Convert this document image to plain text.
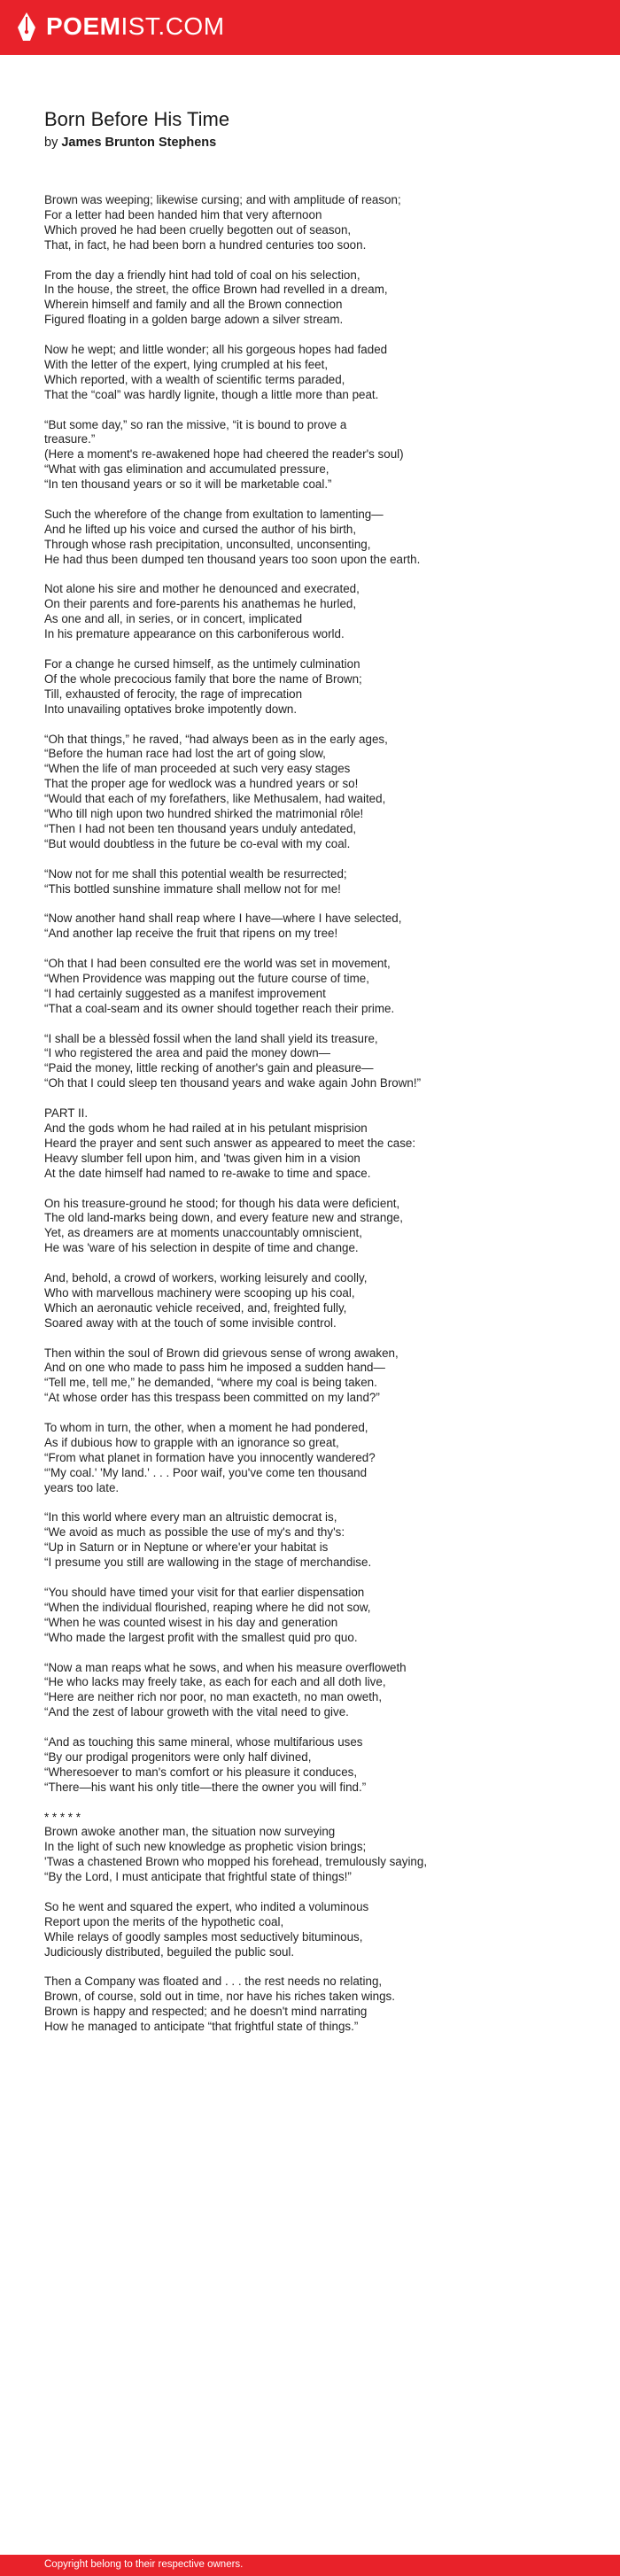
POEMIST.COM
Born Before His Time
by James Brunton Stephens
Brown was weeping; likewise cursing; and with amplitude of reason;
For a letter had been handed him that very afternoon
Which proved he had been cruelly begotten out of season,
That, in fact, he had been born a hundred centuries too soon.
From the day a friendly hint had told of coal on his selection,
In the house, the street, the office Brown had revelled in a dream,
Wherein himself and family and all the Brown connection
Figured floating in a golden barge adown a silver stream.
Now he wept; and little wonder; all his gorgeous hopes had faded
With the letter of the expert, lying crumpled at his feet,
Which reported, with a wealth of scientific terms paraded,
That the “coal” was hardly lignite, though a little more than peat.
“But some day,” so ran the missive, “it is bound to prove a
treasure.”
(Here a moment's re-awakened hope had cheered the reader's soul)
“What with gas elimination and accumulated pressure,
“In ten thousand years or so it will be marketable coal.”
Such the wherefore of the change from exultation to lamenting—
And he lifted up his voice and cursed the author of his birth,
Through whose rash precipitation, unconsulted, unconsenting,
He had thus been dumped ten thousand years too soon upon the earth.
Not alone his sire and mother he denounced and execrated,
On their parents and fore-parents his anathemas he hurled,
As one and all, in series, or in concert, implicated
In his premature appearance on this carboniferous world.
For a change he cursed himself, as the untimely culmination
Of the whole precocious family that bore the name of Brown;
Till, exhausted of ferocity, the rage of imprecation
Into unavailing optatives broke impotently down.
“Oh that things,” he raved, “had always been as in the early ages,
“Before the human race had lost the art of going slow,
“When the life of man proceeded at such very easy stages
That the proper age for wedlock was a hundred years or so!
“Would that each of my forefathers, like Methusalem, had waited,
“Who till nigh upon two hundred shirked the matrimonial rôle!
“Then I had not been ten thousand years unduly antedated,
“But would doubtless in the future be co-eval with my coal.
“Now not for me shall this potential wealth be resurrected;
“This bottled sunshine immature shall mellow not for me!
“Now another hand shall reap where I have—where I have selected,
“And another lap receive the fruit that ripens on my tree!
“Oh that I had been consulted ere the world was set in movement,
“When Providence was mapping out the future course of time,
“I had certainly suggested as a manifest improvement
“That a coal-seam and its owner should together reach their prime.
“I shall be a blessèd fossil when the land shall yield its treasure,
“I who registered the area and paid the money down—
“Paid the money, little recking of another's gain and pleasure—
“Oh that I could sleep ten thousand years and wake again John Brown!”
PART II.
And the gods whom he had railed at in his petulant misprision
Heard the prayer and sent such answer as appeared to meet the case:
Heavy slumber fell upon him, and 'twas given him in a vision
At the date himself had named to re-awake to time and space.
On his treasure-ground he stood; for though his data were deficient,
The old land-marks being down, and every feature new and strange,
Yet, as dreamers are at moments unaccountably omniscient,
He was 'ware of his selection in despite of time and change.
And, behold, a crowd of workers, working leisurely and coolly,
Who with marvellous machinery were scooping up his coal,
Which an aeronautic vehicle received, and, freighted fully,
Soared away with at the touch of some invisible control.
Then within the soul of Brown did grievous sense of wrong awaken,
And on one who made to pass him he imposed a sudden hand—
“Tell me, tell me,” he demanded, “where my coal is being taken.
“At whose order has this trespass been committed on my land?”
To whom in turn, the other, when a moment he had pondered,
As if dubious how to grapple with an ignorance so great,
“From what planet in formation have you innocently wandered?
“'My coal.' 'My land.' . . . Poor waif, you've come ten thousand
years too late.
“In this world where every man an altruistic democrat is,
“We avoid as much as possible the use of my's and thy's:
“Up in Saturn or in Neptune or where'er your habitat is
“I presume you still are wallowing in the stage of merchandise.
“You should have timed your visit for that earlier dispensation
“When the individual flourished, reaping where he did not sow,
“When he was counted wisest in his day and generation
“Who made the largest profit with the smallest quid pro quo.
“Now a man reaps what he sows, and when his measure overfloweth
“He who lacks may freely take, as each for each and all doth live,
“Here are neither rich nor poor, no man exacteth, no man oweth,
“And the zest of labour groweth with the vital need to give.
“And as touching this same mineral, whose multifarious uses
“By our prodigal progenitors were only half divined,
“Wheresoever to man's comfort or his pleasure it conduces,
“There—his want his only title—there the owner you will find.”
* * * * *
Brown awoke another man, the situation now surveying
In the light of such new knowledge as prophetic vision brings;
'Twas a chastened Brown who mopped his forehead, tremulously saying,
“By the Lord, I must anticipate that frightful state of things!”
So he went and squared the expert, who indited a voluminous
Report upon the merits of the hypothetic coal,
While relays of goodly samples most seductively bituminous,
Judiciously distributed, beguiled the public soul.
Then a Company was floated and . . . the rest needs no relating,
Brown, of course, sold out in time, nor have his riches taken wings.
Brown is happy and respected; and he doesn't mind narrating
How he managed to anticipate “that frightful state of things.”
Copyright belong to their respective owners.
